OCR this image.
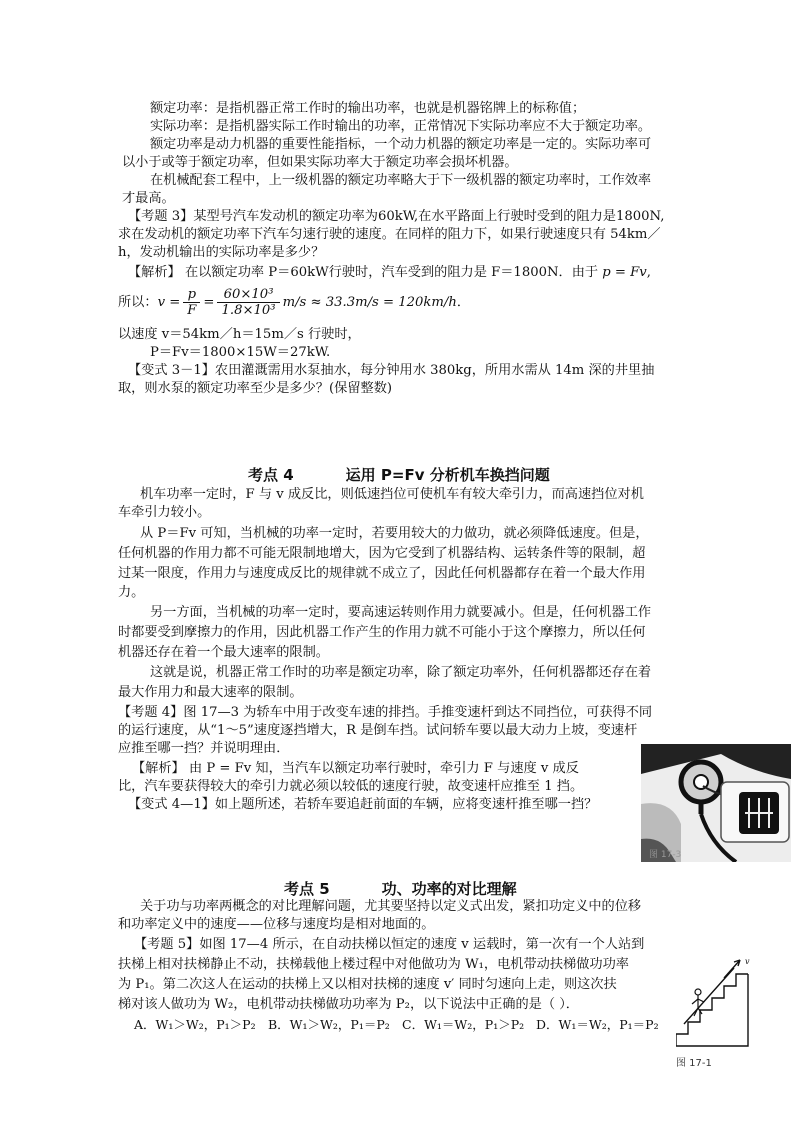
额定功率：是指机器正常工作时的输出功率，也就是机器铭牌上的标称值；
实际功率：是指机器实际工作时输出的功率，正常情况下实际功率应不大于额定功率。
额定功率是动力机器的重要性能指标，一个动力机器的额定功率是一定的。实际功率可
以小于或等于额定功率，但如果实际功率大于额定功率会损坏机器。
在机械配套工程中，上一级机器的额定功率略大于下一级机器的额定功率时，工作效率
才最高。
【考题 3】某型号汽车发动机的额定功率为60kW,在水平路面上行驶时受到的阻力是1800N,
求在发动机的额定功率下汽车匀速行驶的速度。在同样的阻力下，如果行驶速度只有 54km／
h，发动机输出的实际功率是多少？
【解析】 在以额定功率 P＝60kW行驶时，汽车受到的阻力是 F＝1800N．由于 p = Fv,
所以：$v = \frac{p}{F} = \frac{\text{60×10³}}{\text{1.8×10³}} m/s \approx 33.3m/s = 120km/h$．
以速度 v＝54km／h＝15m／s 行驶时，
P＝Fv＝1800×15W＝27kW.
【变式 3－1】农田灌溉需用水泵抽水，每分钟用水 380kg，所用水需从 14m 深的井里抽
取，则水泵的额定功率至少是多少？(保留整数)
考点 4	运用 P=Fv 分析机车换挡问题
机车功率一定时，F 与 v 成反比，则低速挡位可使机车有较大牵引力，而高速挡位对机
车牵引力较小。
从 P＝Fv 可知，当机械的功率一定时，若要用较大的力做功，就必须降低速度。但是，
任何机器的作用力都不可能无限制地增大，因为它受到了机器结构、运转条件等的限制，超
过某一限度，作用力与速度成反比的规律就不成立了，因此任何机器都存在着一个最大作用
力。
另一方面，当机械的功率一定时，要高速运转则作用力就要减小。但是，任何机器工作
时都要受到摩擦力的作用，因此机器工作产生的作用力就不可能小于这个摩擦力，所以任何
机器还存在着一个最大速率的限制。
这就是说，机器正常工作时的功率是额定功率，除了额定功率外，任何机器都还存在着
最大作用力和最大速率的限制。
【考题 4】图 17—3 为轿车中用于改变车速的排挡。手推变速杆到达不同挡位，可获得不同
的运行速度，从“1～5”速度逐挡增大，R 是倒车挡。试问轿车要以最大动力上坡，变速杆
应推至哪一挡？并说明理由．
【解析】 由 P = Fv 知，当汽车以额定功率行驶时，牵引力 F 与速度 v 成反
比，汽车要获得较大的牵引力就必须以较低的速度行驶，故变速杆应推至 1 挡。
【变式 4—1】如上题所述，若轿车要追赶前面的车辆，应将变速杆推至哪一挡？
图 17-3
考点 5	功、功率的对比理解
关于功与功率两概念的对比理解问题，尤其要坚持以定义式出发，紧扣功定义中的位移
和功率定义中的速度——位移与速度均是相对地面的。
【考题 5】如图 17—4 所示，在自动扶梯以恒定的速度 v 运载时，第一次有一个人站到
扶梯上相对扶梯静止不动，扶梯载他上楼过程中对他做功为 W₁，电机带动扶梯做功功率
为 P₁。第二次这人在运动的扶梯上又以相对扶梯的速度 v′ 同时匀速向上走，则这次扶
梯对该人做功为 W₂，电机带动扶梯做功功率为 P₂，以下说法中正确的是（ ）．
A．W₁＞W₂，P₁＞P₂ B．W₁＞W₂，P₁＝P₂ C．W₁＝W₂，P₁＞P₂ D．W₁＝W₂，P₁＝P₂
v
图 17-1
